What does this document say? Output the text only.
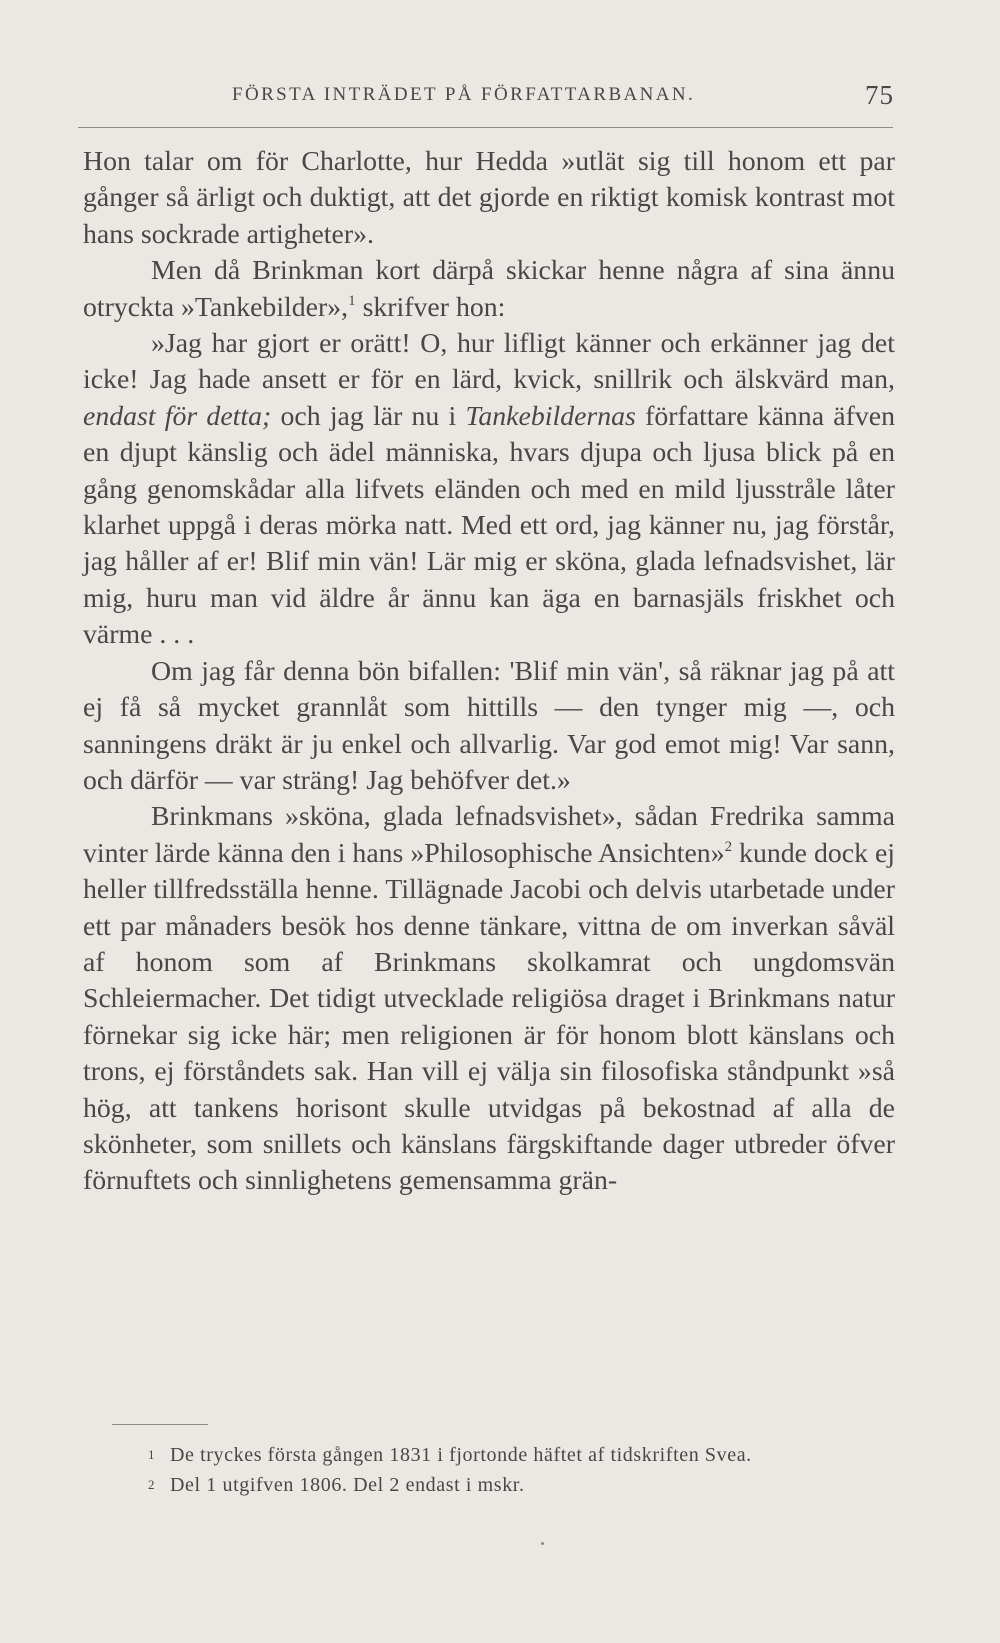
FÖRSTA INTRÄDET PÅ FÖRFATTARBANAN.	75

Hon talar om för Charlotte, hur Hedda »utlät sig till honom ett par gånger så ärligt och duktigt, att det gjorde en riktigt komisk kontrast mot hans sockrade artigheter».

Men då Brinkman kort därpå skickar henne några af sina ännu otryckta »Tankebilder»,$^1$ skrifver hon:

»Jag har gjort er orätt! O, hur lifligt känner och erkänner jag det icke! Jag hade ansett er för en lärd, kvick, snillrik och älskvärd man, endast för detta; och jag lär nu i Tankebildernas författare känna äfven en djupt känslig och ädel människa, hvars djupa och ljusa blick på en gång genomskådar alla lifvets eländen och med en mild ljusstråle låter klarhet uppgå i deras mörka natt. Med ett ord, jag känner nu, jag förstår, jag håller af er! Blif min vän! Lär mig er sköna, glada lefnadsvishet, lär mig, huru man vid äldre år ännu kan äga en barnasjäls friskhet och värme . . .

Om jag får denna bön bifallen: 'Blif min vän', så räknar jag på att ej få så mycket grannlåt som hittills — den tynger mig —, och sanningens dräkt är ju enkel och allvarlig. Var god emot mig! Var sann, och därför — var sträng! Jag behöfver det.»

Brinkmans »sköna, glada lefnadsvishet», sådan Fredrika samma vinter lärde känna den i hans »Philosophische Ansichten»$^2$ kunde dock ej heller tillfredsställa henne. Tillägnade Jacobi och delvis utarbetade under ett par månaders besök hos denne tänkare, vittna de om inverkan såväl af honom som af Brinkmans skolkamrat och ungdomsvän Schleiermacher. Det tidigt utvecklade religiösa draget i Brinkmans natur förnekar sig icke här; men religionen är för honom blott känslans och trons, ej förståndets sak. Han vill ej välja sin filosofiska ståndpunkt »så hög, att tankens horisont skulle utvidgas på bekostnad af alla de skönheter, som snillets och känslans färgskiftande dager utbreder öfver förnuftets och sinnlighetens gemensamma grän-

1 De tryckes första gången 1831 i fjortonde häftet af tidskriften Svea.
2 Del 1 utgifven 1806. Del 2 endast i mskr.
